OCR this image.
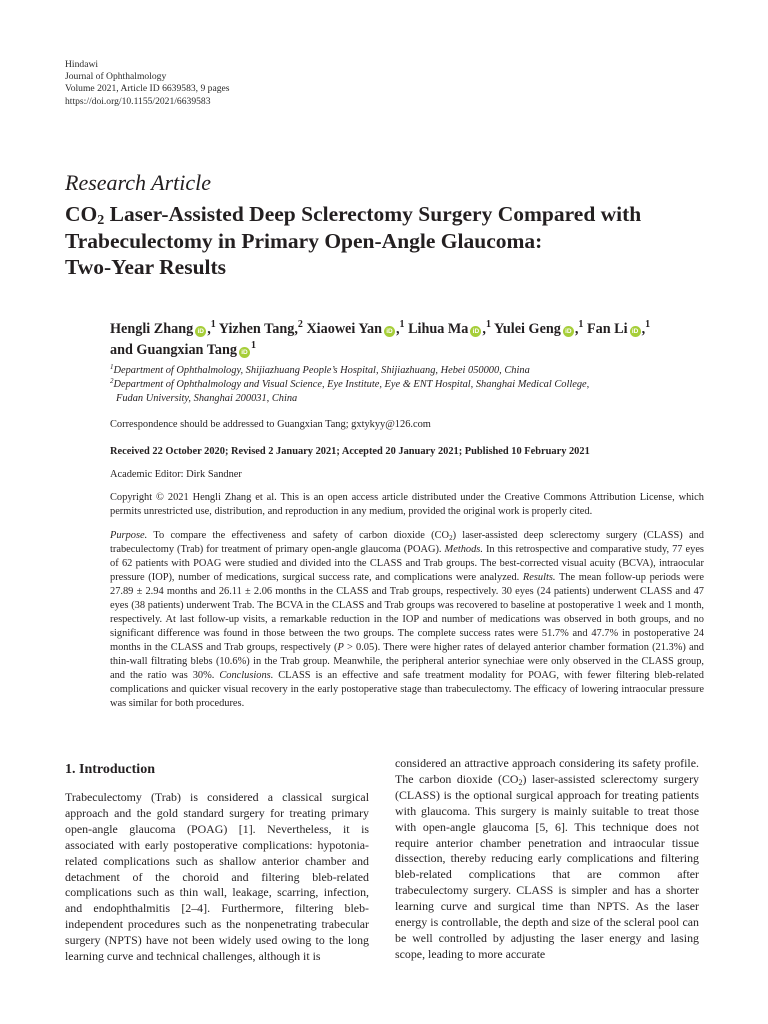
Hindawi
Journal of Ophthalmology
Volume 2021, Article ID 6639583, 9 pages
https://doi.org/10.1155/2021/6639583
Research Article
$CO_2$ Laser-Assisted Deep Sclerectomy Surgery Compared with
Trabeculectomy in Primary Open-Angle Glaucoma:
Two-Year Results
Hengli Zhang iD ,$^1$ Yizhen Tang,$^2$ Xiaowei Yan iD ,$^1$ Lihua Ma iD ,$^1$ Yulei Geng iD ,$^1$ Fan Li iD ,$^1$
and Guangxian Tang $iD^1$
$^1$Department of Ophthalmology, Shijiazhuang People’s Hospital, Shijiazhuang, Hebei 050000, China
$^2$Department of Ophthalmology and Visual Science, Eye Institute, Eye & ENT Hospital, Shanghai Medical College,
Fudan University, Shanghai 200031, China
Correspondence should be addressed to Guangxian Tang; gxtykyy@126.com
Received 22 October 2020; Revised 2 January 2021; Accepted 20 January 2021; Published 10 February 2021
Academic Editor: Dirk Sandner
Copyright © 2021 Hengli Zhang et al. This is an open access article distributed under the Creative Commons Attribution License, which permits unrestricted use, distribution, and reproduction in any medium, provided the original work is properly cited.
Purpose. To compare the effectiveness and safety of carbon dioxide $(CO_2)$ laser-assisted deep sclerectomy surgery (CLASS) and trabeculectomy (Trab) for treatment of primary open-angle glaucoma (POAG). Methods. In this retrospective and comparative study, 77 eyes of 62 patients with POAG were studied and divided into the CLASS and Trab groups. The best-corrected visual acuity (BCVA), intraocular pressure (IOP), number of medications, surgical success rate, and complications were analyzed. Results. The mean follow-up periods were 27.89 ± 2.94 months and 26.11 ± 2.06 months in the CLASS and Trab groups, respectively. 30 eyes (24 patients) underwent CLASS and 47 eyes (38 patients) underwent Trab. The BCVA in the CLASS and Trab groups was recovered to baseline at postoperative 1 week and 1 month, respectively. At last follow-up visits, a remarkable reduction in the IOP and number of medications was observed in both groups, and no significant difference was found in those between the two groups. The complete success rates were 51.7% and 47.7% in postoperative 24 months in the CLASS and Trab groups, respectively (P > 0.05). There were higher rates of delayed anterior chamber formation (21.3%) and thin-wall filtrating blebs (10.6%) in the Trab group. Meanwhile, the peripheral anterior synechiae were only observed in the CLASS group, and the ratio was 30%. Conclusions. CLASS is an effective and safe treatment modality for POAG, with fewer filtering bleb-related complications and quicker visual recovery in the early postoperative stage than trabeculectomy. The efficacy of lowering intraocular pressure was similar for both procedures.
1. Introduction

Trabeculectomy (Trab) is considered a classical surgical approach and the gold standard surgery for treating primary open-angle glaucoma (POAG) [1]. Nevertheless, it is associated with early postoperative complications: hypotonia-related complications such as shallow anterior chamber and detachment of the choroid and filtering bleb-related complications such as thin wall, leakage, scarring, infection, and endophthalmitis [2–4]. Furthermore, filtering bleb-independent procedures such as the nonpenetrating trabecular surgery (NPTS) have not been widely used owing to the long learning curve and technical challenges, although it is

considered an attractive approach considering its safety profile. The carbon dioxide $(CO_2)$ laser-assisted sclerectomy surgery (CLASS) is the optional surgical approach for treating patients with glaucoma. This surgery is mainly suitable to treat those with open-angle glaucoma [5, 6]. This technique does not require anterior chamber penetration and intraocular tissue dissection, thereby reducing early complications and filtering bleb-related complications that are common after trabeculectomy surgery. CLASS is simpler and has a shorter learning curve and surgical time than NPTS. As the laser energy is controllable, the depth and size of the scleral pool can be well controlled by adjusting the laser energy and lasing scope, leading to more accurate
